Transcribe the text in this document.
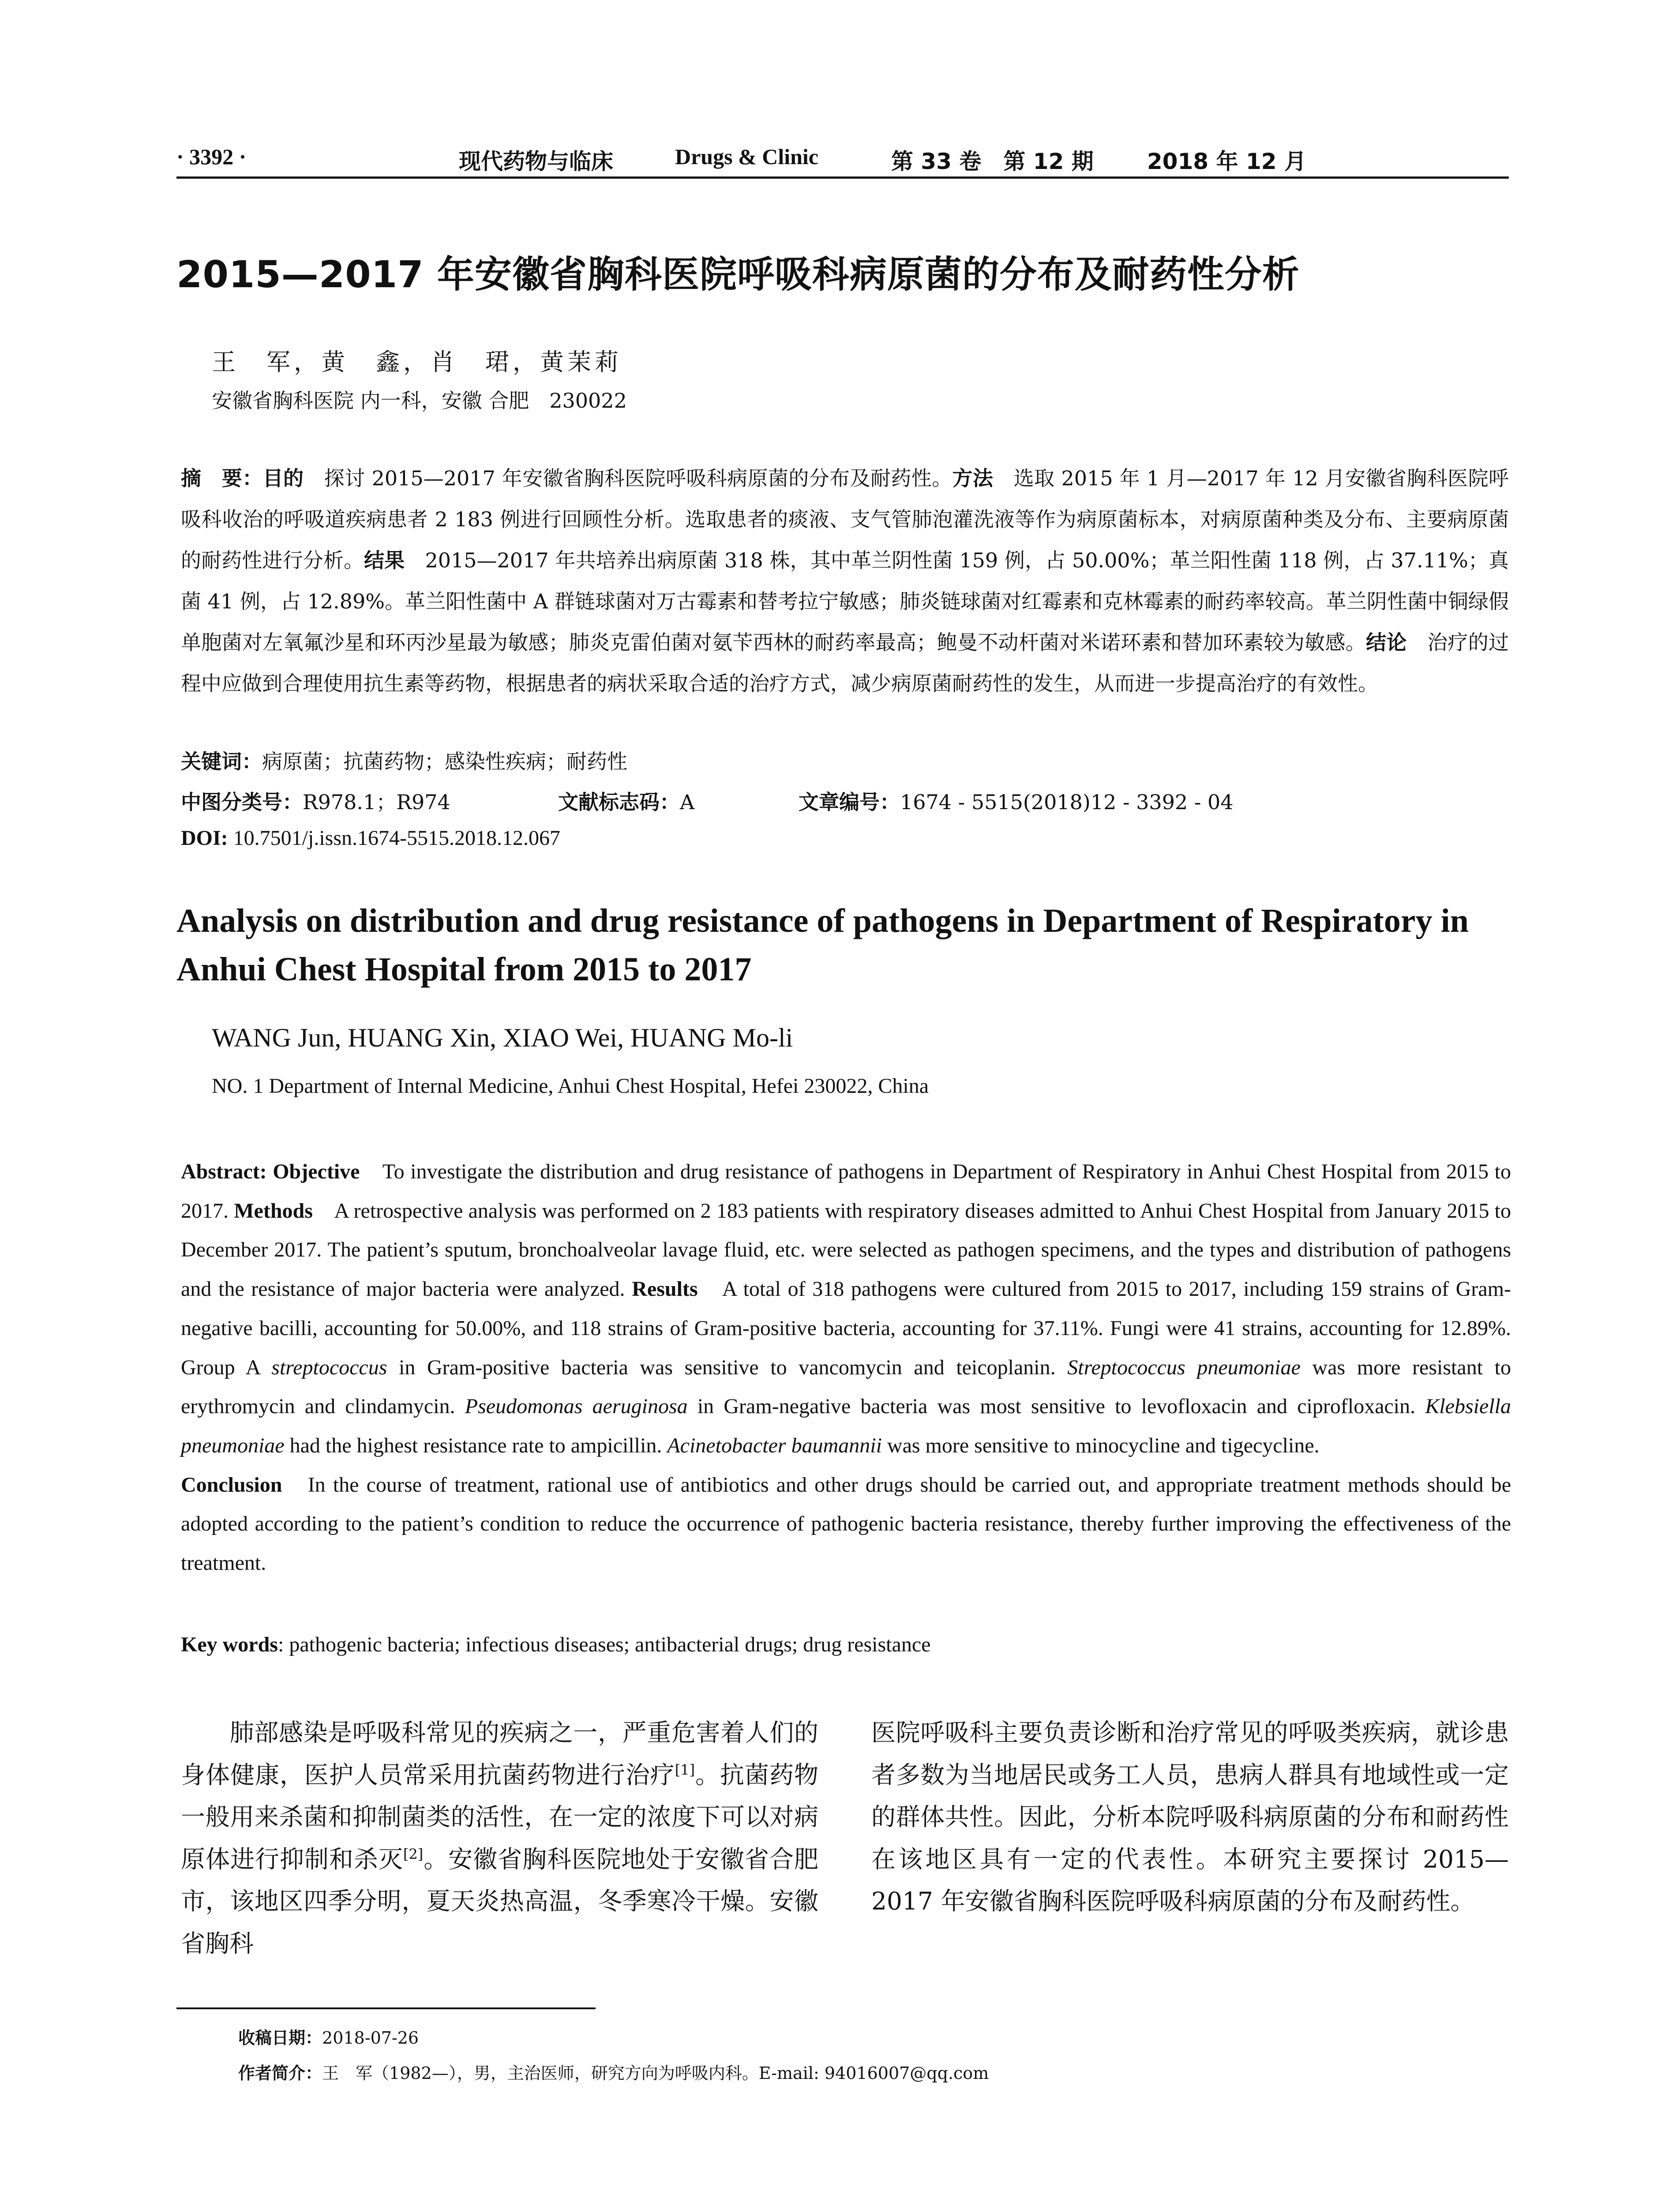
· 3392 ·	现代药物与临床	Drugs & Clinic	第 33 卷　第 12 期 2018 年 12 月
2015—2017 年安徽省胸科医院呼吸科病原菌的分布及耐药性分析
王　军，黄　鑫，肖　珺，黄茉莉
安徽省胸科医院 内一科，安徽 合肥　230022
摘　要：目的　探讨 2015—2017 年安徽省胸科医院呼吸科病原菌的分布及耐药性。方法　选取 2015 年 1 月—2017 年 12 月安徽省胸科医院呼吸科收治的呼吸道疾病患者 2 183 例进行回顾性分析。选取患者的痰液、支气管肺泡灌洗液等作为病原菌标本，对病原菌种类及分布、主要病原菌的耐药性进行分析。结果　2015—2017 年共培养出病原菌 318 株，其中革兰阴性菌 159 例，占 50.00%；革兰阳性菌 118 例，占 37.11%；真菌 41 例，占 12.89%。革兰阳性菌中 A 群链球菌对万古霉素和替考拉宁敏感；肺炎链球菌对红霉素和克林霉素的耐药率较高。革兰阴性菌中铜绿假单胞菌对左氧氟沙星和环丙沙星最为敏感；肺炎克雷伯菌对氨苄西林的耐药率最高；鲍曼不动杆菌对米诺环素和替加环素较为敏感。结论　治疗的过程中应做到合理使用抗生素等药物，根据患者的病状采取合适的治疗方式，减少病原菌耐药性的发生，从而进一步提高治疗的有效性。
关键词：病原菌；抗菌药物；感染性疾病；耐药性
中图分类号：R978.1；R974	文献标志码：A	文章编号：1674 - 5515(2018)12 - 3392 - 04
DOI: 10.7501/j.issn.1674-5515.2018.12.067
Analysis on distribution and drug resistance of pathogens in Department of Respiratory in Anhui Chest Hospital from 2015 to 2017
WANG Jun, HUANG Xin, XIAO Wei, HUANG Mo-li
NO. 1 Department of Internal Medicine, Anhui Chest Hospital, Hefei 230022, China
Abstract: Objective　To investigate the distribution and drug resistance of pathogens in Department of Respiratory in Anhui Chest Hospital from 2015 to 2017. Methods　A retrospective analysis was performed on 2 183 patients with respiratory diseases admitted to Anhui Chest Hospital from January 2015 to December 2017. The patient’s sputum, bronchoalveolar lavage fluid, etc. were selected as pathogen specimens, and the types and distribution of pathogens and the resistance of major bacteria were analyzed. Results　A total of 318 pathogens were cultured from 2015 to 2017, including 159 strains of Gram-negative bacilli, accounting for 50.00%, and 118 strains of Gram-positive bacteria, accounting for 37.11%. Fungi were 41 strains, accounting for 12.89%. Group A streptococcus in Gram-positive bacteria was sensitive to vancomycin and teicoplanin. Streptococcus pneumoniae was more resistant to erythromycin and clindamycin. Pseudomonas aeruginosa in Gram-negative bacteria was most sensitive to levofloxacin and ciprofloxacin. Klebsiella pneumoniae had the highest resistance rate to ampicillin. Acinetobacter baumannii was more sensitive to minocycline and tigecycline.
Conclusion　In the course of treatment, rational use of antibiotics and other drugs should be carried out, and appropriate treatment methods should be adopted according to the patient’s condition to reduce the occurrence of pathogenic bacteria resistance, thereby further improving the effectiveness of the treatment.
Key words: pathogenic bacteria; infectious diseases; antibacterial drugs; drug resistance
肺部感染是呼吸科常见的疾病之一，严重危害着人们的身体健康，医护人员常采用抗菌药物进行治疗[1]。抗菌药物一般用来杀菌和抑制菌类的活性，在一定的浓度下可以对病原体进行抑制和杀灭[2]。安徽省胸科医院地处于安徽省合肥市，该地区四季分明，夏天炎热高温，冬季寒冷干燥。安徽省胸科
医院呼吸科主要负责诊断和治疗常见的呼吸类疾病，就诊患者多数为当地居民或务工人员，患病人群具有地域性或一定的群体共性。因此，分析本院呼吸科病原菌的分布和耐药性在该地区具有一定的代表性。本研究主要探讨 2015—2017 年安徽省胸科医院呼吸科病原菌的分布及耐药性。
收稿日期：2018-07-26
作者简介：王　军（1982—），男，主治医师，研究方向为呼吸内科。E-mail: 94016007@qq.com
